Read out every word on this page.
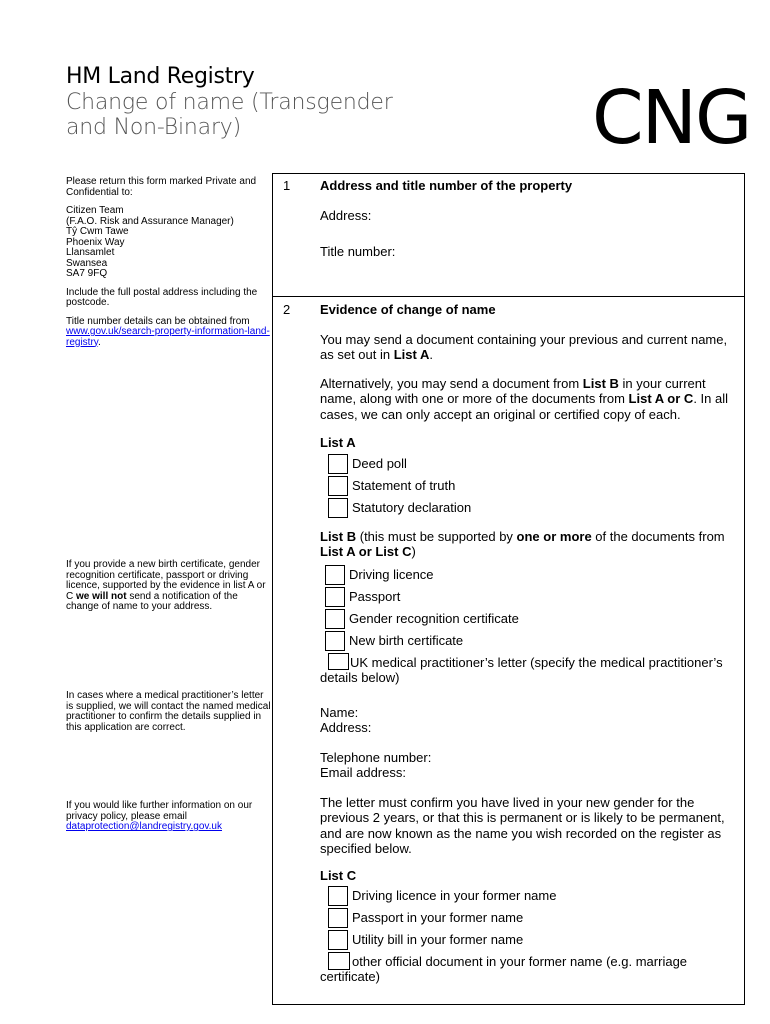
HM Land Registry
Change of name (Transgender
and Non-Binary)	CNG

Please return this form marked Private and Confidential to:

Citizen Team
(F.A.O. Risk and Assurance Manager)
Tŷ Cwm Tawe
Phoenix Way
Llansamlet
Swansea
SA7 9FQ

Include the full postal address including the postcode.

Title number details can be obtained from www.gov.uk/search-property-information-land-registry.

If you provide a new birth certificate, gender recognition certificate, passport or driving licence, supported by the evidence in list A or C we will not send a notification of the change of name to your address.
In cases where a medical practitioner’s letter is supplied, we will contact the named medical practitioner to confirm the details supplied in this application are correct.
If you would like further information on our privacy policy, please email
dataprotection@landregistry.gov.uk
1 Address and title number of the property

Address:

Title number:

2 Evidence of change of name

You may send a document containing your previous and current name, as set out in List A.

Alternatively, you may send a document from List B in your current name, along with one or more of the documents from List A or C. In all cases, we can only accept an original or certified copy of each.

List A

Deed poll
Statement of truth
Statutory declaration

List B (this must be supported by one or more of the documents from List A or List C)

Driving licence
Passport
Gender recognition certificate
New birth certificate
UK medical practitioner’s letter (specify the medical practitioner’s details below)

Name:

Address:

Telephone number:

Email address:

The letter must confirm you have lived in your new gender for the previous 2 years, or that this is permanent or is likely to be permanent, and are now known as the name you wish recorded on the register as specified below.

List C

Driving licence in your former name
Passport in your former name
Utility bill in your former name
other official document in your former name (e.g. marriage certificate)
